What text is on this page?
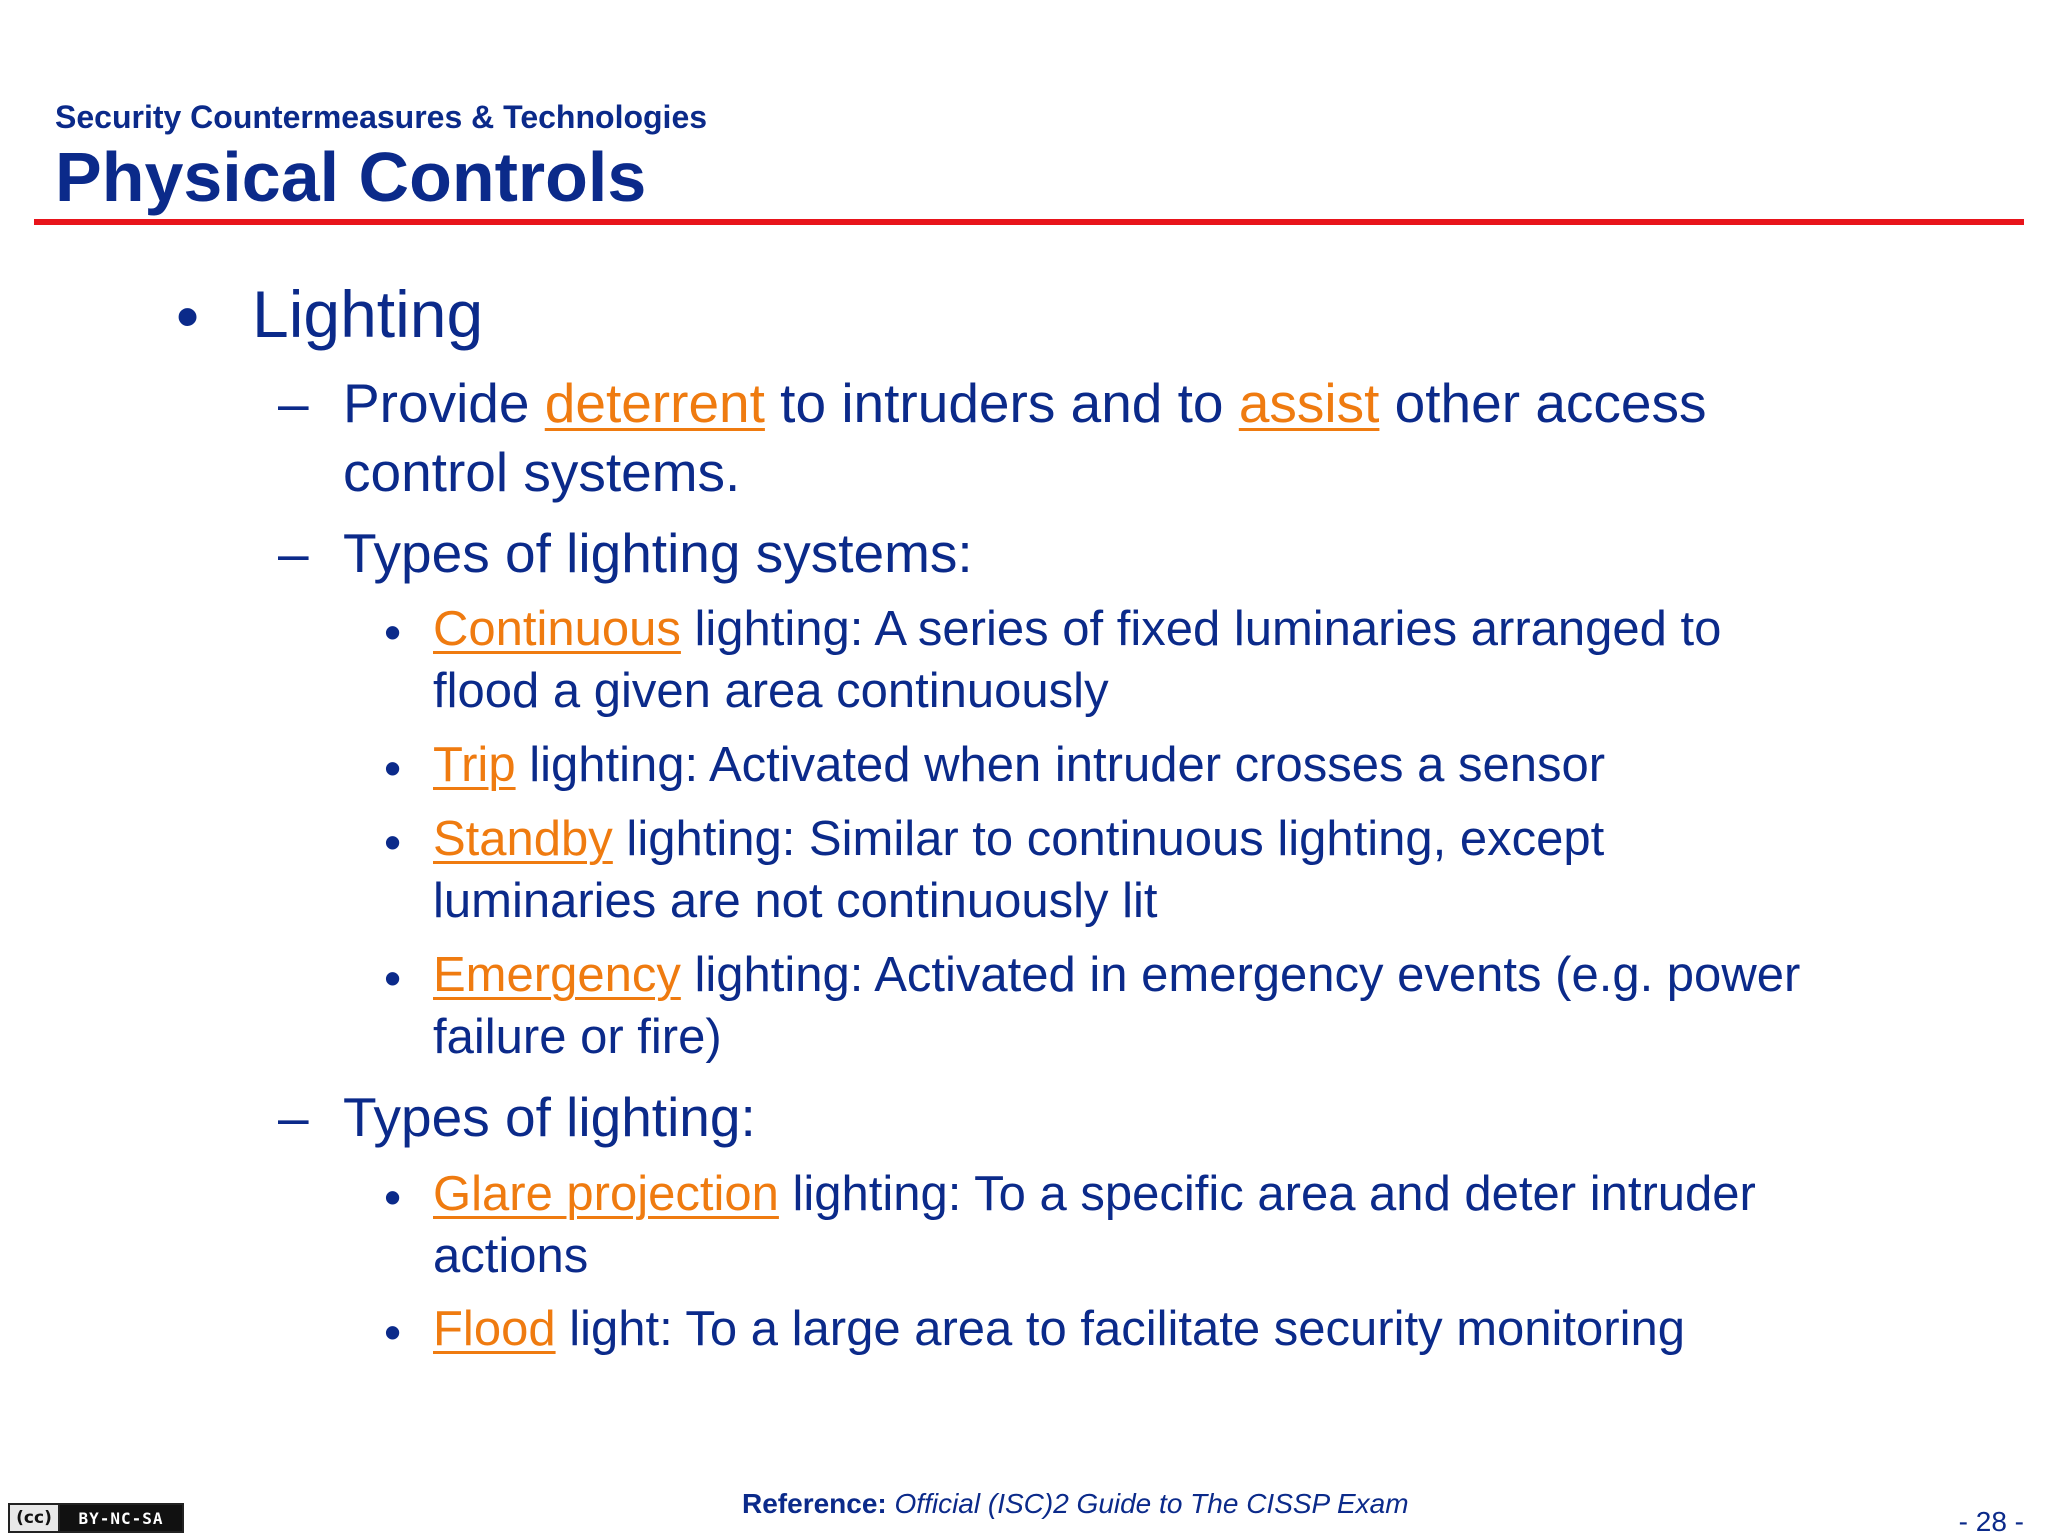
Security Countermeasures & Technologies
Physical Controls
• Lighting
– Provide deterrent to intruders and to assist other access
control systems.
– Types of lighting systems:
• Continuous lighting: A series of fixed luminaries arranged to
flood a given area continuously
• Trip lighting: Activated when intruder crosses a sensor
• Standby lighting: Similar to continuous lighting, except
luminaries are not continuously lit
• Emergency lighting: Activated in emergency events (e.g. power
failure or fire)
– Types of lighting:
• Glare projection lighting: To a specific area and deter intruder
actions
• Flood light: To a large area to facilitate security monitoring
(cc)	BY-NC-SA	Reference: Official (ISC)2 Guide to The CISSP Exam
- 28 -
